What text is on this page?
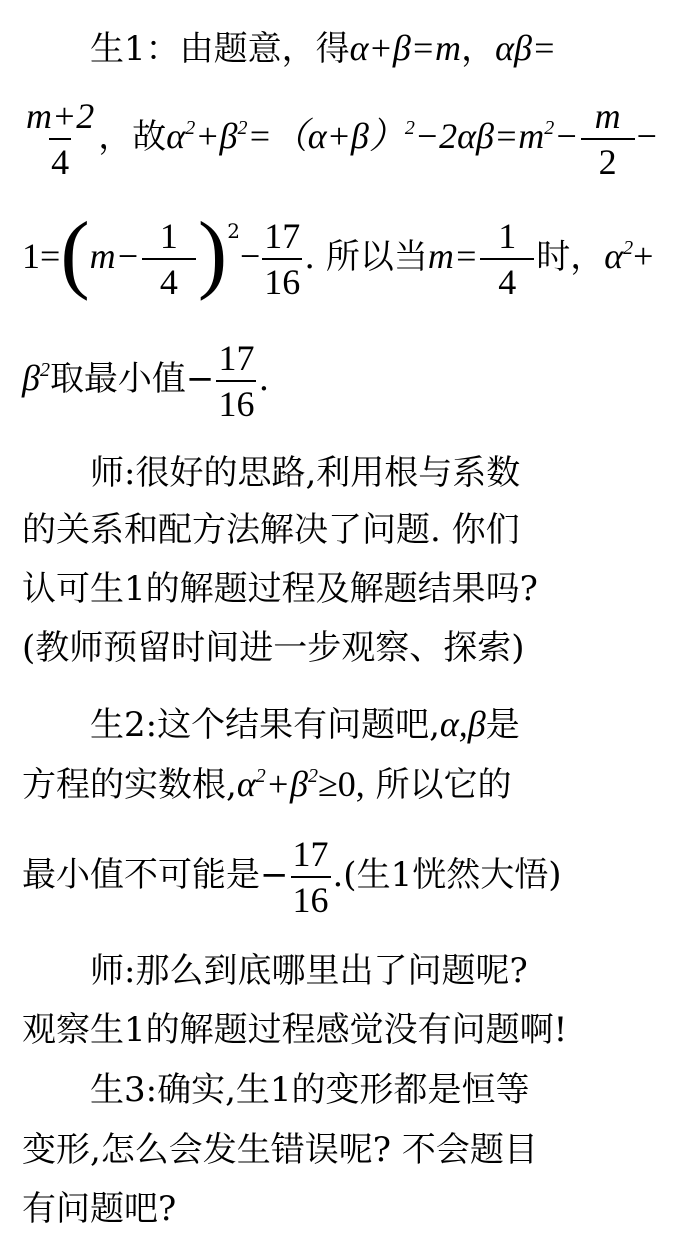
生1：由题意，得α+β=m，αβ=
$\frac{m+2}{4}$ ，故$\alpha^2+\beta^2=(\alpha+\beta)^2-2\alpha\beta=m^2- \frac{m}{2}$ −
$1=(m- \frac{1}{4} )^2- \frac{17}{16}$ . 所以当$m= \frac{1}{4}$ 时，$\alpha^2+$
$\beta^2$取最小值− $\frac{17}{16}$ .
师:很好的思路,利用根与系数
的关系和配方法解决了问题. 你们
认可生1的解题过程及解题结果吗?
(教师预留时间进一步观察、探索)
生2:这个结果有问题吧,α,β是
方程的实数根$,\alpha^2+\beta^2\ge 0$, 所以它的
最小值不可能是− $\frac{17}{16}$ .(生1恍然大悟)
师:那么到底哪里出了问题呢?
观察生1的解题过程感觉没有问题啊!
生3:确实,生1的变形都是恒等
变形,怎么会发生错误呢? 不会题目
有问题吧?
